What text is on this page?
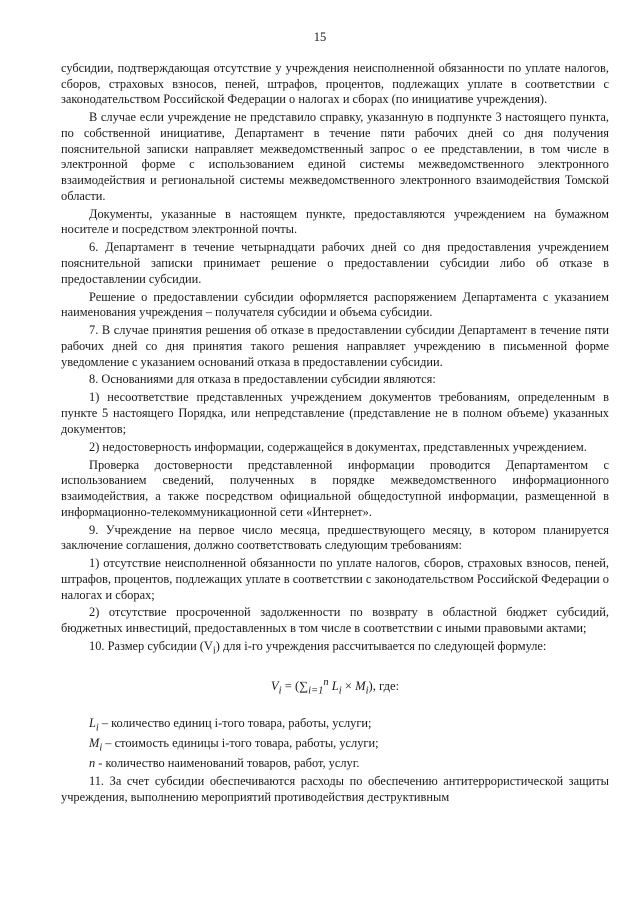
15

субсидии, подтверждающая отсутствие у учреждения неисполненной обязанности по уплате налогов, сборов, страховых взносов, пеней, штрафов, процентов, подлежащих уплате в соответствии с законодательством Российской Федерации о налогах и сборах (по инициативе учреждения).

В случае если учреждение не представило справку, указанную в подпункте 3 настоящего пункта, по собственной инициативе, Департамент в течение пяти рабочих дней со дня получения пояснительной записки направляет межведомственный запрос о ее представлении, в том числе в электронной форме с использованием единой системы межведомственного электронного взаимодействия и региональной системы межведомственного электронного взаимодействия Томской области.

Документы, указанные в настоящем пункте, предоставляются учреждением на бумажном носителе и посредством электронной почты.

6. Департамент в течение четырнадцати рабочих дней со дня предоставления учреждением пояснительной записки принимает решение о предоставлении субсидии либо об отказе в предоставлении субсидии.

Решение о предоставлении субсидии оформляется распоряжением Департамента с указанием наименования учреждения – получателя субсидии и объема субсидии.

7. В случае принятия решения об отказе в предоставлении субсидии Департамент в течение пяти рабочих дней со дня принятия такого решения направляет учреждению в письменной форме уведомление с указанием оснований отказа в предоставлении субсидии.

8. Основаниями для отказа в предоставлении субсидии являются:

1) несоответствие представленных учреждением документов требованиям, определенным в пункте 5 настоящего Порядка, или непредставление (представление не в полном объеме) указанных документов;

2) недостоверность информации, содержащейся в документах, представленных учреждением.

Проверка достоверности представленной информации проводится Департаментом с использованием сведений, полученных в порядке межведомственного информационного взаимодействия, а также посредством официальной общедоступной информации, размещенной в информационно-телекоммуникационной сети «Интернет».

9. Учреждение на первое число месяца, предшествующего месяцу, в котором планируется заключение соглашения, должно соответствовать следующим требованиям:

1) отсутствие неисполненной обязанности по уплате налогов, сборов, страховых взносов, пеней, штрафов, процентов, подлежащих уплате в соответствии с законодательством Российской Федерации о налогах и сборах;

2) отсутствие просроченной задолженности по возврату в областной бюджет субсидий, бюджетных инвестиций, предоставленных в том числе в соответствии с иными правовыми актами;

10. Размер субсидии $(V_i)$ для i-го учреждения рассчитывается по следующей формуле:

$V_i = (\sum_{i=1}^n$ $L_i \times M_i$), где:

$L_i$ – количество единиц i-того товара, работы, услуги;

$M_i$ – стоимость единицы i-того товара, работы, услуги;

n - количество наименований товаров, работ, услуг.

11. За счет субсидии обеспечиваются расходы по обеспечению антитеррористической защиты учреждения, выполнению мероприятий противодействия деструктивным
